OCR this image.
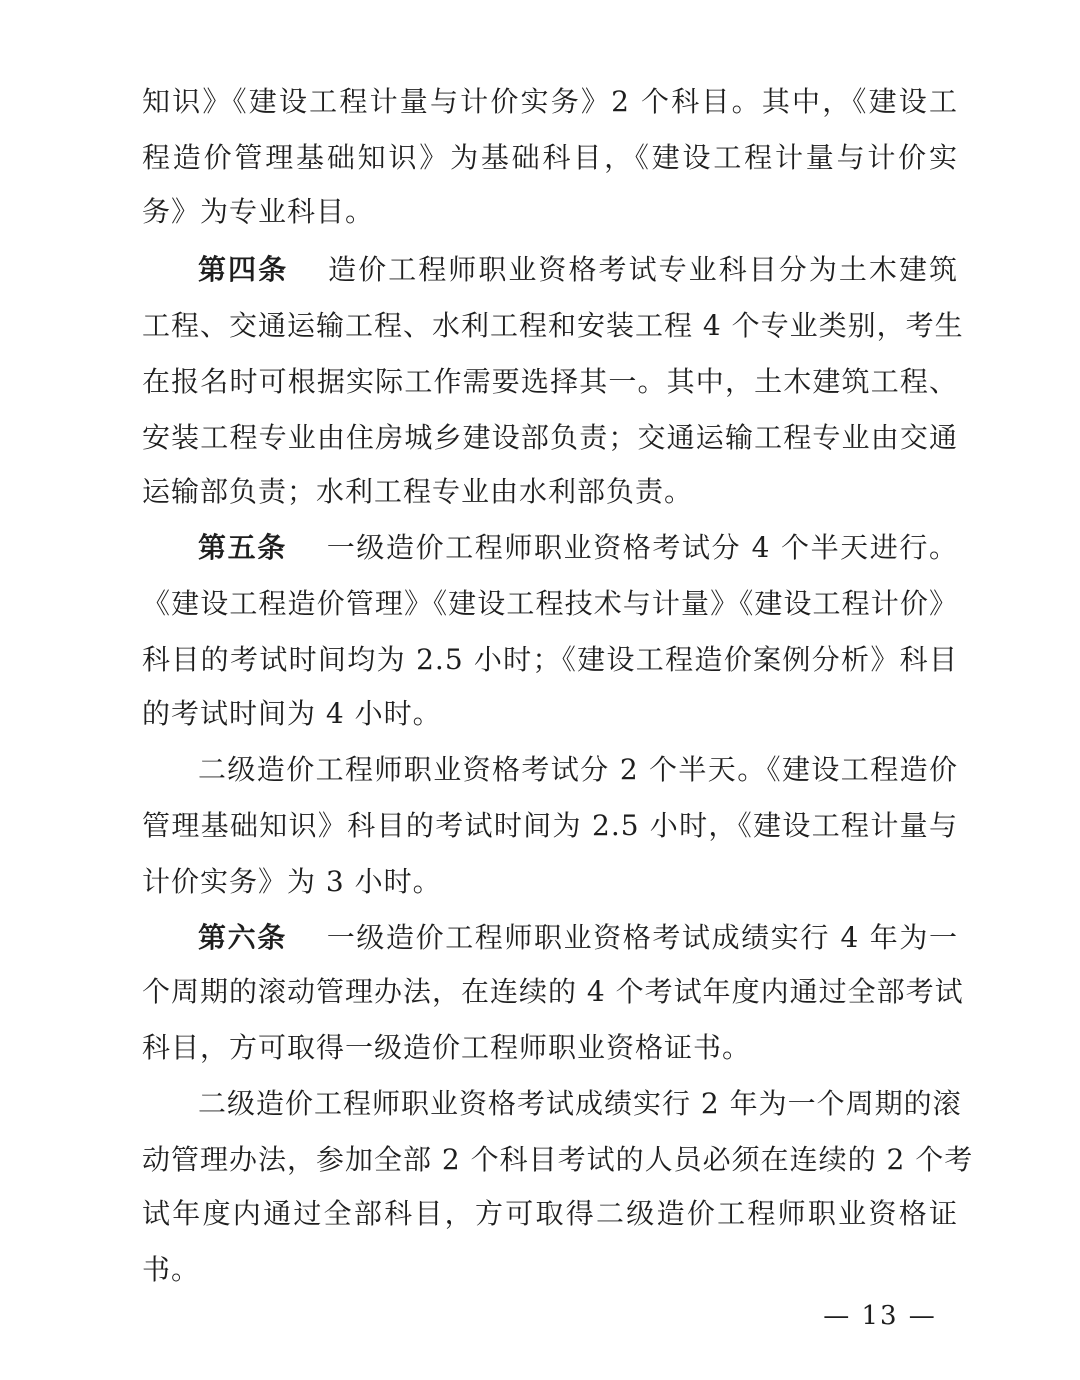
知识》《建设工程计量与计价实务》2 个科目。其中，《建设工
程造价管理基础知识》为基础科目，《建设工程计量与计价实
务》为专业科目。
第四条 造价工程师职业资格考试专业科目分为土木建筑
工程、交通运输工程、水利工程和安装工程 4 个专业类别，考生
在报名时可根据实际工作需要选择其一。其中，土木建筑工程、
安装工程专业由住房城乡建设部负责；交通运输工程专业由交通
运输部负责；水利工程专业由水利部负责。
第五条 一级造价工程师职业资格考试分 4 个半天进行。
《建设工程造价管理》《建设工程技术与计量》《建设工程计价》
科目的考试时间均为 2.5 小时；《建设工程造价案例分析》科目
的考试时间为 4 小时。
二级造价工程师职业资格考试分 2 个半天。《建设工程造价
管理基础知识》科目的考试时间为 2.5 小时，《建设工程计量与
计价实务》为 3 小时。
第六条 一级造价工程师职业资格考试成绩实行 4 年为一
个周期的滚动管理办法，在连续的 4 个考试年度内通过全部考试
科目，方可取得一级造价工程师职业资格证书。
二级造价工程师职业资格考试成绩实行 2 年为一个周期的滚
动管理办法，参加全部 2 个科目考试的人员必须在连续的 2 个考
试年度内通过全部科目，方可取得二级造价工程师职业资格证
书。
— 13 —
